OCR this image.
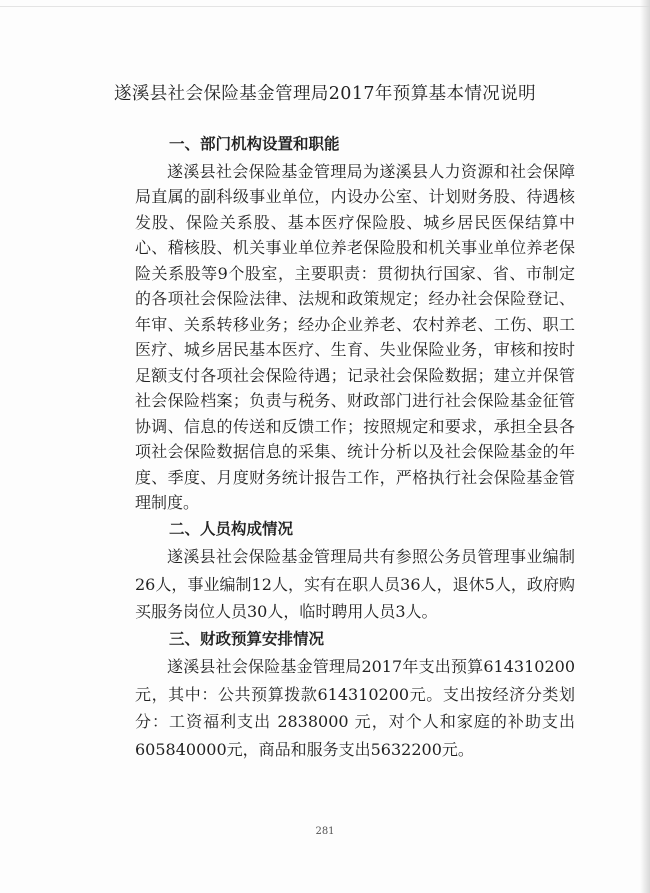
遂溪县社会保险基金管理局2017年预算基本情况说明
一、部门机构设置和职能

遂溪县社会保险基金管理局为遂溪县人力资源和社会保障局直属的副科级事业单位，内设办公室、计划财务股、待遇核发股、保险关系股、基本医疗保险股、城乡居民医保结算中心、稽核股、机关事业单位养老保险股和机关事业单位养老保险关系股等9个股室，主要职责：贯彻执行国家、省、市制定的各项社会保险法律、法规和政策规定；经办社会保险登记、年审、关系转移业务；经办企业养老、农村养老、工伤、职工医疗、城乡居民基本医疗、生育、失业保险业务，审核和按时足额支付各项社会保险待遇；记录社会保险数据；建立并保管社会保险档案；负责与税务、财政部门进行社会保险基金征管协调、信息的传送和反馈工作；按照规定和要求，承担全县各项社会保险数据信息的采集、统计分析以及社会保险基金的年度、季度、月度财务统计报告工作，严格执行社会保险基金管理制度。

二、人员构成情况

遂溪县社会保险基金管理局共有参照公务员管理事业编制26人，事业编制12人，实有在职人员36人，退休5人，政府购买服务岗位人员30人，临时聘用人员3人。

三、财政预算安排情况

遂溪县社会保险基金管理局2017年支出预算614310200元，其中：公共预算拨款614310200元。支出按经济分类划分：工资福利支出 2838000 元，对个人和家庭的补助支出605840000元，商品和服务支出5632200元。

281
